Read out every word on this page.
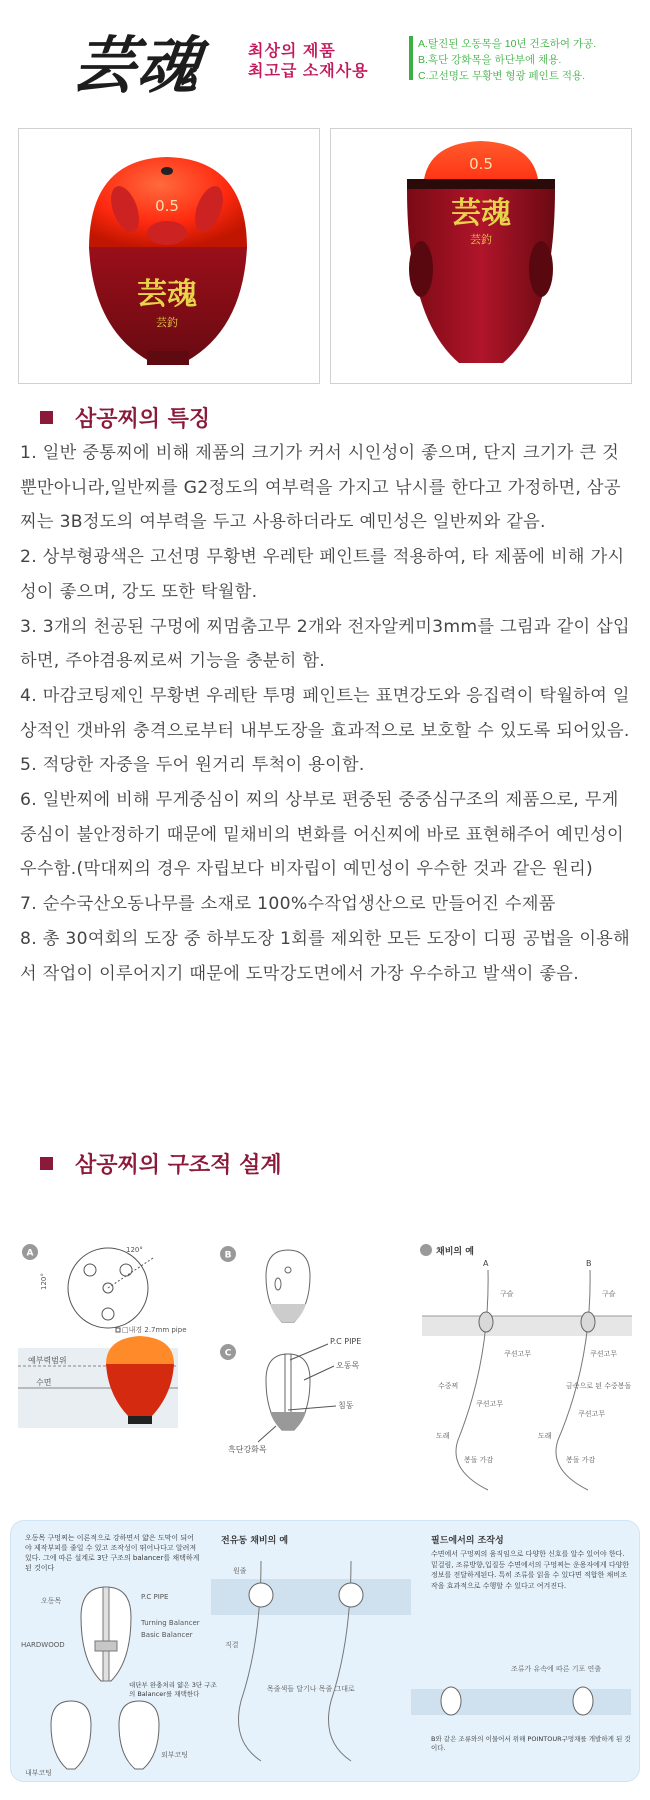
芸魂	최상의 제품
최고급 소재사용
A.탈진된 오동목을 10년 건조하여 가공.
B.흑단 강화목을 하단부에 채용.
C.고선명도 무황변 형광 페인트 적용.
0.5
芸魂
芸釣
0.5
芸魂
芸釣
삼공찌의 특징

1. 일반 중통찌에 비해 제품의 크기가 커서 시인성이 좋으며, 단지 크기가 큰 것 뿐만아니라,일반찌를 G2정도의 여부력을 가지고 낚시를 한다고 가정하면, 삼공찌는 3B정도의 여부력을 두고 사용하더라도 예민성은 일반찌와 같음.

2. 상부형광색은 고선명 무황변 우레탄 페인트를 적용하여, 타 제품에 비해 가시성이 좋으며, 강도 또한 탁월함.

3. 3개의 천공된 구멍에 찌멈춤고무 2개와 전자알케미3mm를 그림과 같이 삽입하면, 주야겸용찌로써 기능을 충분히 함.

4. 마감코팅제인 무황변 우레탄 투명 페인트는 표면강도와 응집력이 탁월하여 일상적인 갯바위 충격으로부터 내부도장을 효과적으로 보호할 수 있도록 되어있음.

5. 적당한 자중을 두어 원거리 투척이 용이함.

6. 일반찌에 비해 무게중심이 찌의 상부로 편중된 중중심구조의 제품으로, 무게중심이 불안정하기 때문에 밑채비의 변화를 어신찌에 바로 표현해주어 예민성이 우수함.(막대찌의 경우 자립보다 비자립이 예민성이 우수한 것과 같은 원리)

7. 순수국산오동나무를 소재로 100%수작업생산으로 만들어진 수제품

8. 총 30여회의 도장 중 하부도장 1회를 제외한 모든 도장이 디핑 공법을 이용해서 작업이 이루어지기 때문에 도막강도면에서 가장 우수하고 발색이 좋음.

삼공찌의 구조적 설계
A	120°
120°
□내경 2.7mm pipe
예부력범위
수면
B
C
P.C PIPE
오동목
침동
흑단강화목
채비의 예
A	B
구슬
쿠션고무
수중찌
쿠션고무
도래
봉돌 가감
구슬
쿠션고무
금속으로 된 수중봉돌
쿠션고무
도래
봉돌 가감
오동목 구멍찌는 이론적으로 강하면서 얇은 도막이 되어야 제작부피를 줄일 수 있고 조작성이 뛰어나다고 알려져 있다. 그에 따른 설계로 3단 구조의 balancer를 채택하게 된 것이다
오동목	P.C PIPE
Turning Balancer
Basic Balancer
HARDWOOD
대단부 완충처리 얇은 3단 구조의 Balancer를 채택한다
내부코팅
외부코팅
전유동 채비의 예
원줄
직결
목줄색들 달기나 목줄 그대로
필드에서의 조작성
수면에서 구멍찌의 움직임으로 다양한 신호를 알수 있어야 한다. 밑걸림, 조류방향,입질등 수면에서의 구멍찌는 운용자에게 다양한 정보를 전달하게된다. 특히 조류를 읽을 수 있다면 적합한 채비조작을 효과적으로 수행할 수 있다고 여겨진다.
조류가 유속에 따른 기포 연출
B와 같은 조류와의 이물어서 위해 POINTOUR구멍채를 개발하게 된 것이다.
